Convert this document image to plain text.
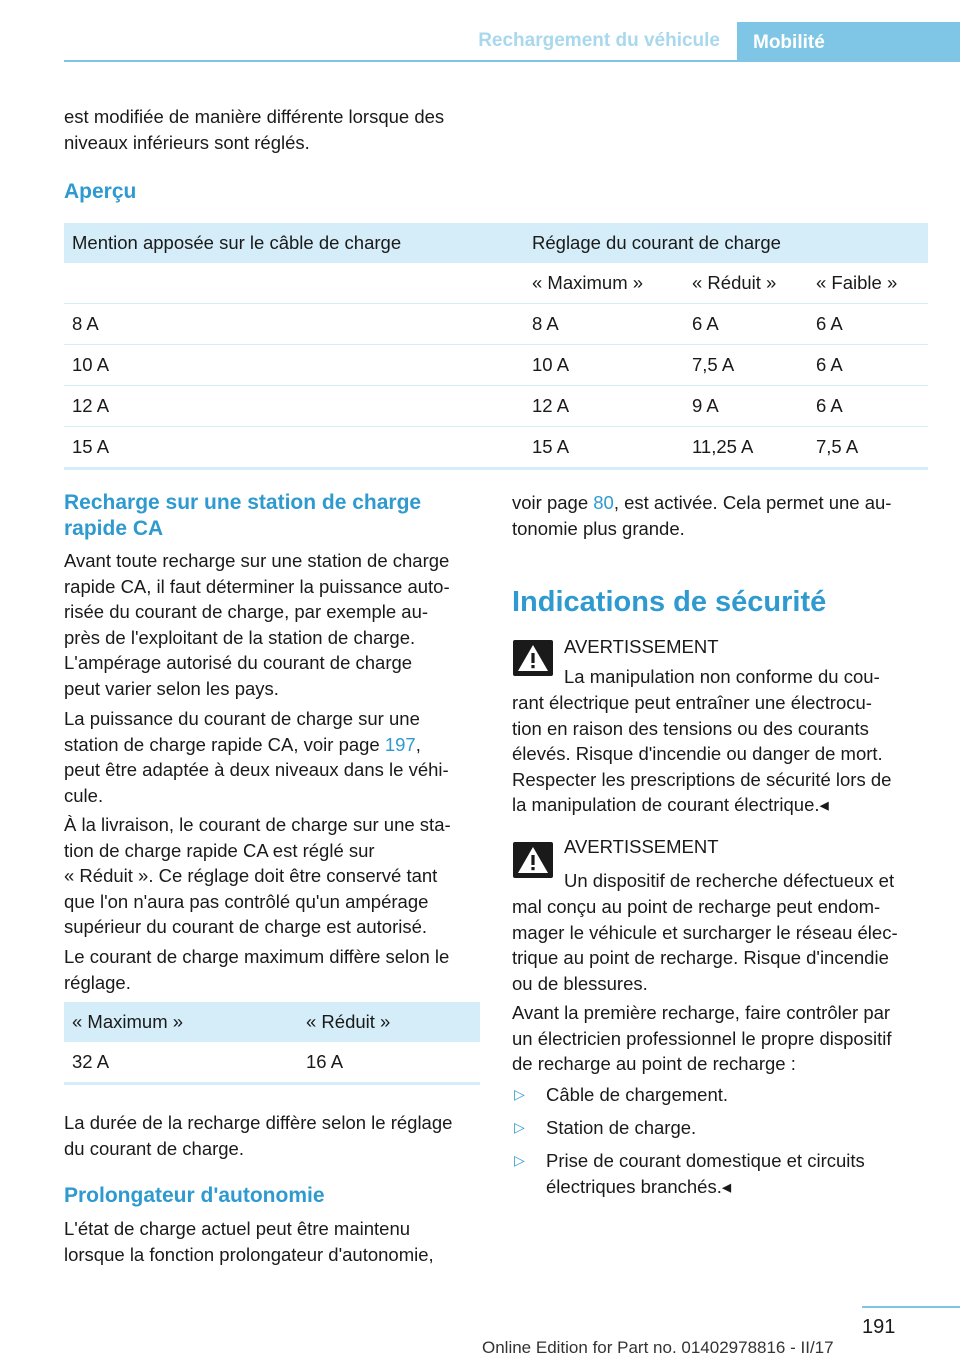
Rechargement du véhicule	Mobilité
est modifiée de manière différente lorsque des niveaux inférieurs sont réglés.
Aperçu
Mention apposée sur le câble de charge	Réglage du courant de charge		
	« Maximum »	« Réduit »	« Faible »
8 A	8 A	6 A	6 A
10 A	10 A	7,5 A	6 A
12 A	12 A	9 A	6 A
15 A	15 A	11,25 A	7,5 A
Recharge sur une station de charge
rapide CA
Avant toute recharge sur une station de charge
rapide CA, il faut déterminer la puissance auto‐
risée du courant de charge, par exemple au‐
près de l'exploitant de la station de charge.
L'ampérage autorisé du courant de charge
peut varier selon les pays.
La puissance du courant de charge sur une
station de charge rapide CA, voir page 197,
peut être adaptée à deux niveaux dans le véhi‐
cule.
À la livraison, le courant de charge sur une sta‐
tion de charge rapide CA est réglé sur
« Réduit ». Ce réglage doit être conservé tant
que l'on n'aura pas contrôlé qu'un ampérage
supérieur du courant de charge est autorisé.
Le courant de charge maximum diffère selon le
réglage.
« Maximum »	« Réduit »
32 A	16 A
La durée de la recharge diffère selon le réglage
du courant de charge.
Prolongateur d'autonomie
L'état de charge actuel peut être maintenu
lorsque la fonction prolongateur d'autonomie,
voir page 80, est activée. Cela permet une au‐
tonomie plus grande.
Indications de sécurité
AVERTISSEMENT
La manipulation non conforme du cou‐
rant électrique peut entraîner une électrocu‐
tion en raison des tensions ou des courants
élevés. Risque d'incendie ou danger de mort.
Respecter les prescriptions de sécurité lors de
la manipulation de courant électrique.◂
AVERTISSEMENT
Un dispositif de recherche défectueux et
mal conçu au point de recharge peut endom‐
mager le véhicule et surcharger le réseau élec‐
trique au point de recharge. Risque d'incendie
ou de blessures.
Avant la première recharge, faire contrôler par
un électricien professionnel le propre dispositif
de recharge au point de recharge :
▷ Câble de chargement.
▷ Station de charge.
▷ Prise de courant domestique et circuits
électriques branchés.◂
191
Online Edition for Part no. 01402978816 - II/17
